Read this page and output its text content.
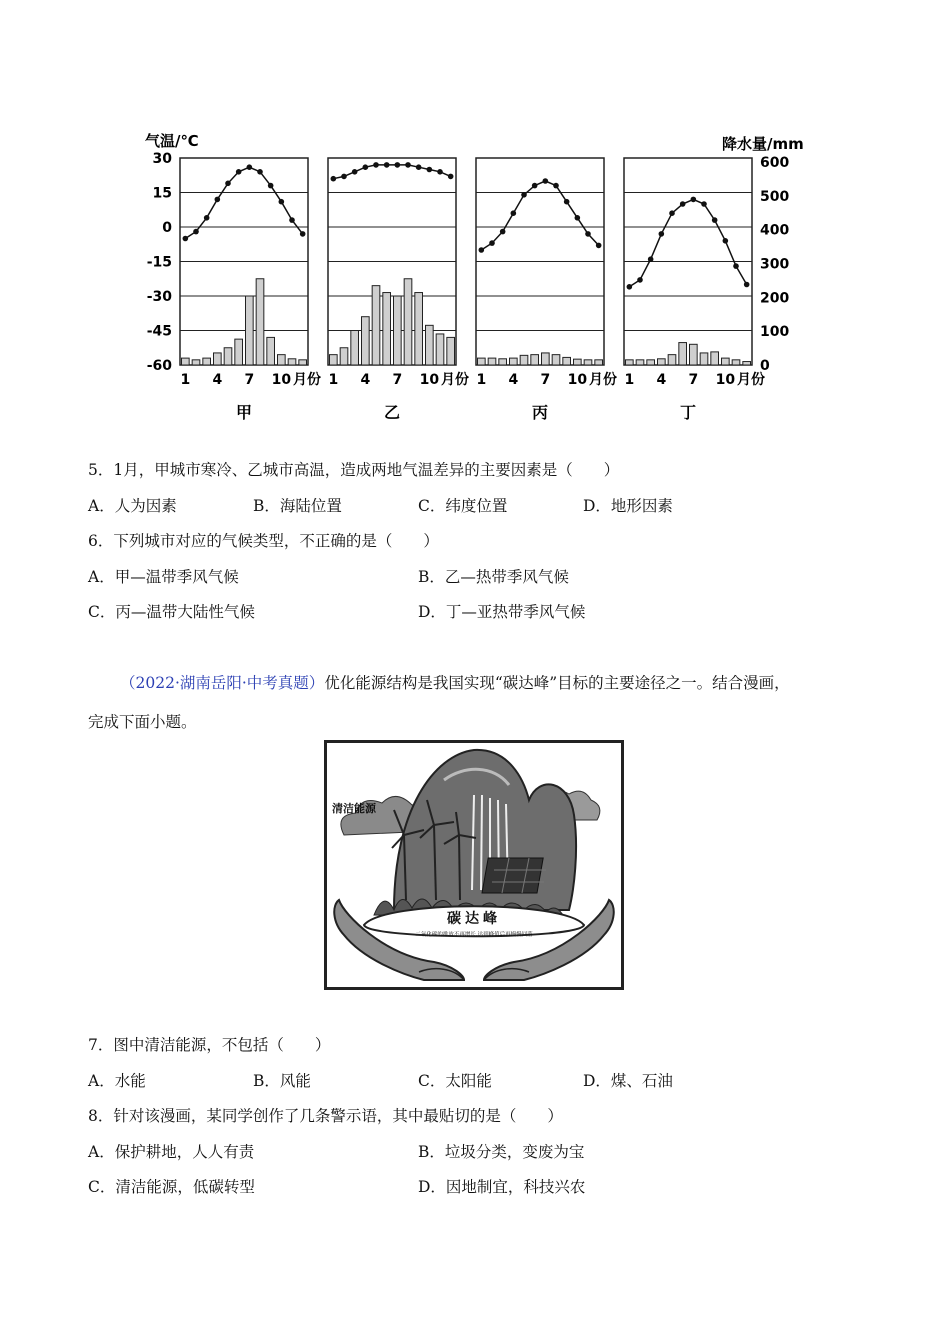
气温/℃	降水量/mm
30
15
0
-15
-30
-45
-60
600
500
400
300
200
100
0
1 4 7 10 月份
甲
1 4 7 10 月份
乙
1 4 7 10 月份
丙
1 4 7 10 月份
丁
5．1月，甲城市寒冷、乙城市高温，造成两地气温差异的主要因素是（　　）
A．人为因素	B．海陆位置	C．纬度位置	D．地形因素
6．下列城市对应的气候类型，不正确的是（　　）
A．甲—温带季风气候	B．乙—热带季风气候
C．丙—温带大陆性气候	D．丁—亚热带季风气候
（2022·湖南岳阳·中考真题）优化能源结构是我国实现“碳达峰”目标的主要途径之一。结合漫画，
完成下面小题。
清洁能源
碳达峰
二氧化碳的排放不再增长,达到峰值后再慢慢回落
7．图中清洁能源，不包括（　　）
A．水能	B．风能	C．太阳能	D．煤、石油
8．针对该漫画，某同学创作了几条警示语，其中最贴切的是（　　）
A．保护耕地，人人有责	B．垃圾分类，变废为宝
C．清洁能源，低碳转型	D．因地制宜，科技兴农
